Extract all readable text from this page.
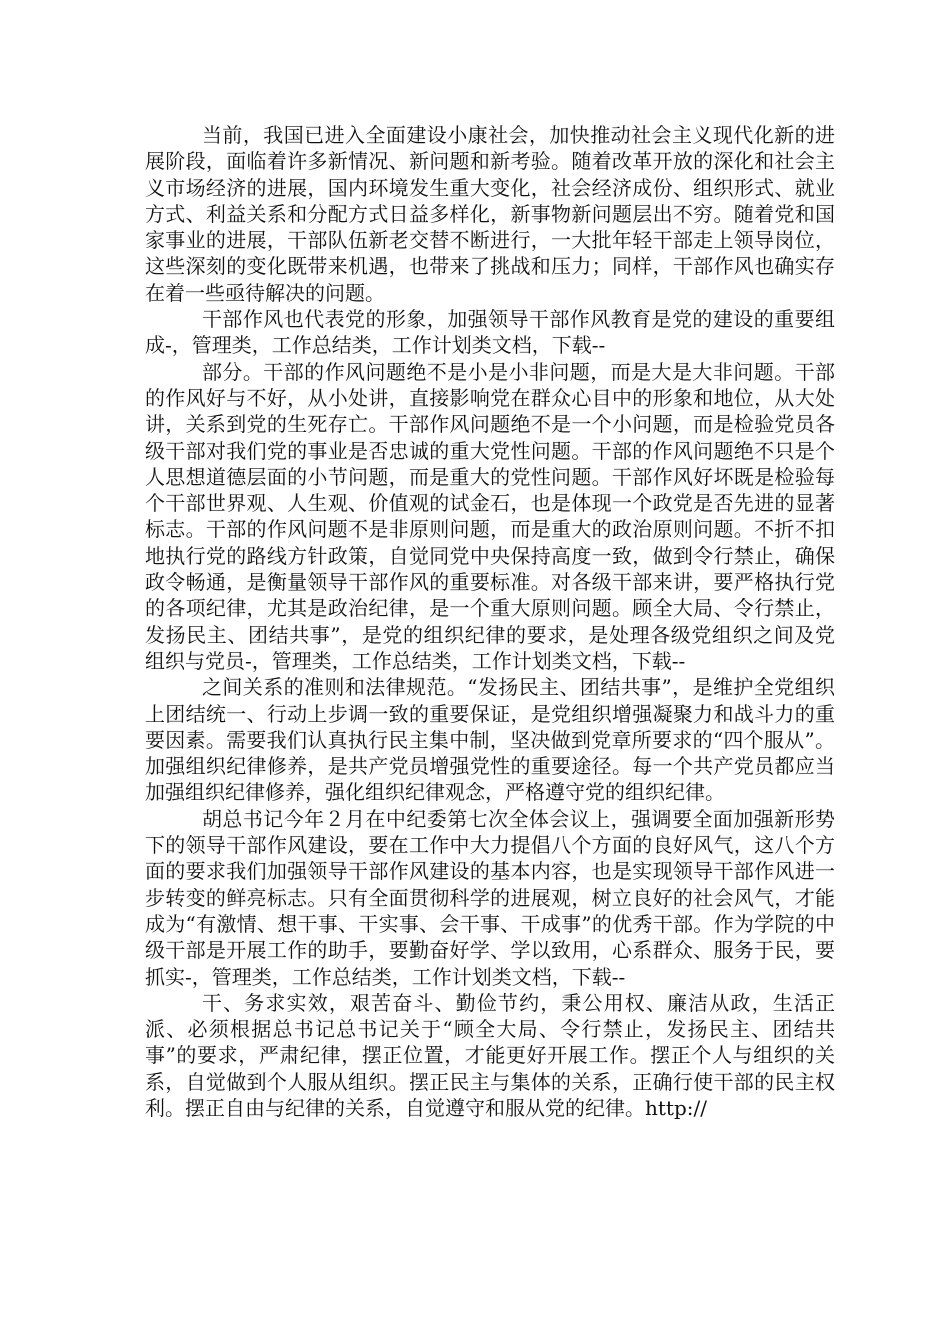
当前，我国已进入全面建设小康社会，加快推动社会主义现代化新的进展阶段，面临着许多新情况、新问题和新考验。随着改革开放的深化和社会主义市场经济的进展，国内环境发生重大变化，社会经济成份、组织形式、就业方式、利益关系和分配方式日益多样化，新事物新问题层出不穷。随着党和国家事业的进展，干部队伍新老交替不断进行，一大批年轻干部走上领导岗位，这些深刻的变化既带来机遇，也带来了挑战和压力；同样，干部作风也确实存在着一些亟待解决的问题。

干部作风也代表党的形象，加强领导干部作风教育是党的建设的重要组成-，管理类，工作总结类，工作计划类文档，下载--

部分。干部的作风问题绝不是小是小非问题，而是大是大非问题。干部的作风好与不好，从小处讲，直接影响党在群众心目中的形象和地位，从大处讲，关系到党的生死存亡。干部作风问题绝不是一个小问题，而是检验党员各级干部对我们党的事业是否忠诚的重大党性问题。干部的作风问题绝不只是个人思想道德层面的小节问题，而是重大的党性问题。干部作风好坏既是检验每个干部世界观、人生观、价值观的试金石，也是体现一个政党是否先进的显著标志。干部的作风问题不是非原则问题，而是重大的政治原则问题。不折不扣地执行党的路线方针政策，自觉同党中央保持高度一致，做到令行禁止，确保政令畅通，是衡量领导干部作风的重要标准。对各级干部来讲，要严格执行党的各项纪律，尤其是政治纪律，是一个重大原则问题。顾全大局、令行禁止，发扬民主、团结共事”，是党的组织纪律的要求，是处理各级党组织之间及党组织与党员-，管理类，工作总结类，工作计划类文档，下载--

之间关系的准则和法律规范。“发扬民主、团结共事”，是维护全党组织上团结统一、行动上步调一致的重要保证，是党组织增强凝聚力和战斗力的重要因素。需要我们认真执行民主集中制，坚决做到党章所要求的“四个服从”。加强组织纪律修养，是共产党员增强党性的重要途径。每一个共产党员都应当加强组织纪律修养，强化组织纪律观念，严格遵守党的组织纪律。

胡总书记今年２月在中纪委第七次全体会议上，强调要全面加强新形势下的领导干部作风建设，要在工作中大力提倡八个方面的良好风气，这八个方面的要求我们加强领导干部作风建设的基本内容，也是实现领导干部作风进一步转变的鲜亮标志。只有全面贯彻科学的进展观，树立良好的社会风气，才能成为“有激情、想干事、干实事、会干事、干成事”的优秀干部。作为学院的中级干部是开展工作的助手，要勤奋好学、学以致用，心系群众、服务于民，要抓实-，管理类，工作总结类，工作计划类文档，下载--

干、务求实效，艰苦奋斗、勤俭节约，秉公用权、廉洁从政，生活正派、必须根据总书记总书记关于“顾全大局、令行禁止，发扬民主、团结共事”的要求，严肃纪律，摆正位置，才能更好开展工作。摆正个人与组织的关系，自觉做到个人服从组织。摆正民主与集体的关系，正确行使干部的民主权利。摆正自由与纪律的关系，自觉遵守和服从党的纪律。http://
